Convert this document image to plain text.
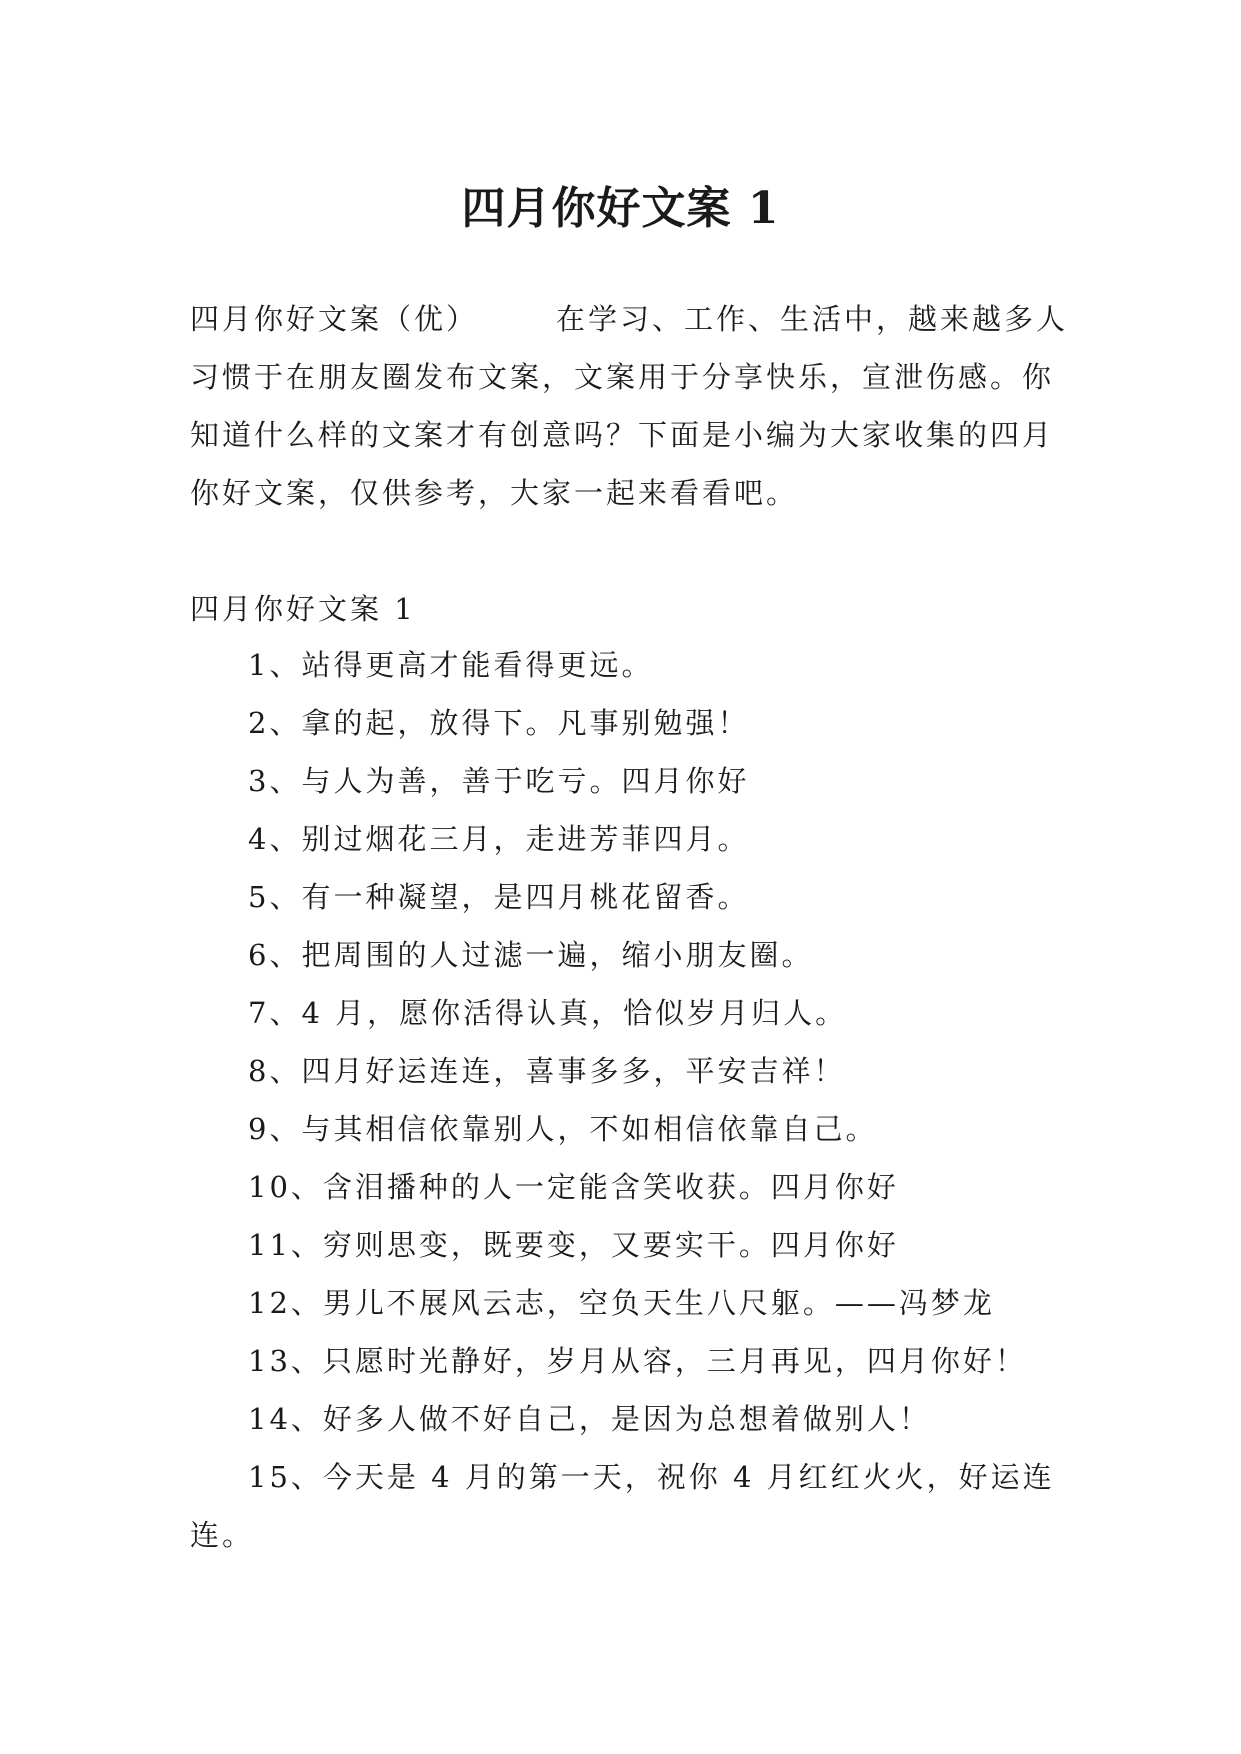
四月你好文案 1

四月你好文案（优）	在学习、工作、生活中，越来越多人习惯于在朋友圈发布文案，文案用于分享快乐，宣泄伤感。你知道什么样的文案才有创意吗？下面是小编为大家收集的四月你好文案，仅供参考，大家一起来看看吧。

四月你好文案 1

1、站得更高才能看得更远。
2、拿的起，放得下。凡事别勉强！
3、与人为善，善于吃亏。四月你好
4、别过烟花三月，走进芳菲四月。
5、有一种凝望，是四月桃花留香。
6、把周围的人过滤一遍，缩小朋友圈。
7、4 月，愿你活得认真，恰似岁月归人。
8、四月好运连连，喜事多多，平安吉祥！
9、与其相信依靠别人，不如相信依靠自己。
10、含泪播种的人一定能含笑收获。四月你好
11、穷则思变，既要变，又要实干。四月你好
12、男儿不展风云志，空负天生八尺躯。——冯梦龙
13、只愿时光静好，岁月从容，三月再见，四月你好！
14、好多人做不好自己，是因为总想着做别人！
15、今天是 4 月的第一天，祝你 4 月红红火火，好运连连。
